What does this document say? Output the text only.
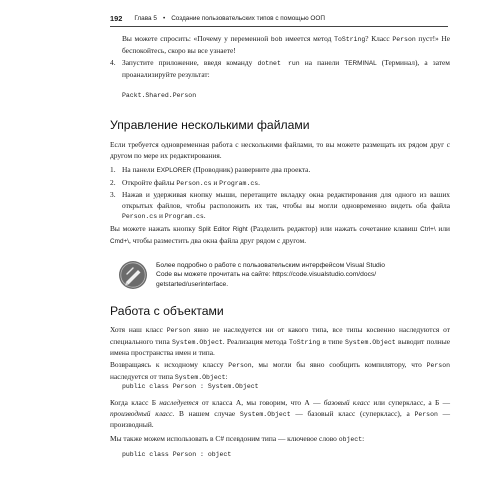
192 Глава 5 • Создание пользовательских типов с помощью ООП

Вы можете спросить: «Почему у переменной bob имеется метод ToString? Класс Person пуст!» Не беспокойтесь, скоро вы все узнаете!

4. Запустите приложение, введя команду dotnet run на панели TERMINAL (Терминал), а затем проанализируйте результат:
Packt.Shared.Person
Управление несколькими файлами

Если требуется одновременная работа с несколькими файлами, то вы можете размещать их рядом друг с другом по мере их редактирования.

1. На панели EXPLORER (Проводник) разверните два проекта.
2. Откройте файлы Person.cs и Program.cs.
3. Нажав и удерживая кнопку мыши, перетащите вкладку окна редактирования для одного из ваших открытых файлов, чтобы расположить их так, чтобы вы могли одновременно видеть оба файла Person.cs и Program.cs.

Вы можете нажать кнопку Split Editor Right (Разделить редактор) или нажать сочетание клавиш Ctrl+\ или Cmd+\, чтобы разместить два окна файла друг рядом с другом.

Более подробно о работе с пользовательским интерфейсом Visual Studio
Code вы можете прочитать на сайте: https://code.visualstudio.com/docs/
getstarted/userinterface.
Работа с объектами

Хотя наш класс Person явно не наследуется ни от какого типа, все типы косвенно наследуются от специального типа System.Object. Реализация метода ToString в типе System.Object выводит полные имена пространства имен и типа.

Возвращаясь к исходному классу Person, мы могли бы явно сообщить компилятору, что Person наследуется от типа System.Object:

public class Person : System.Object

Когда класс Б наследуется от класса А, мы говорим, что А — базовый класс или суперкласс, а Б — производный класс. В нашем случае System.Object — базовый класс (суперкласс), а Person — производный.

Мы также можем использовать в C# псевдоним типа — ключевое слово object:

public class Person : object
